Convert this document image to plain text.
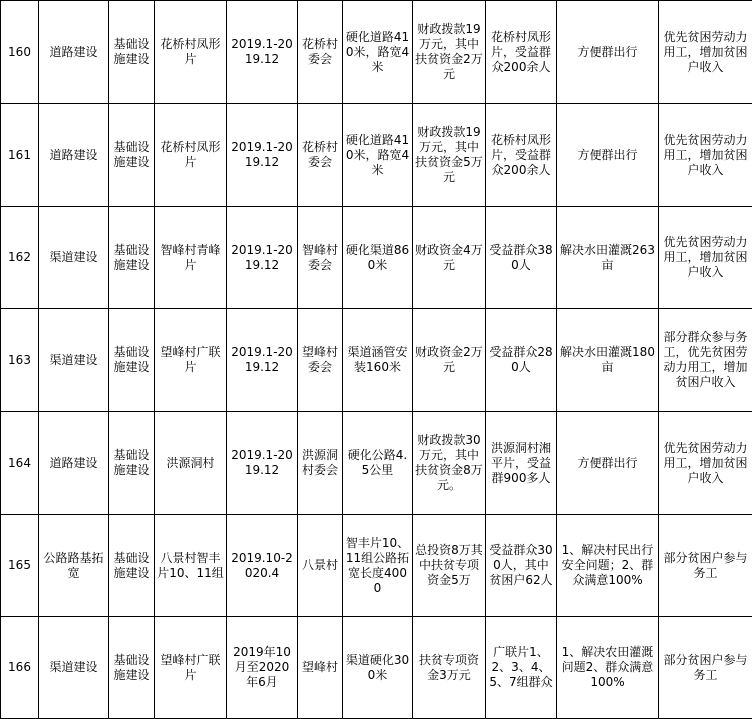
160	道路建设	基础设施建设	花桥村凤形片	2019.1-2019.12	花桥村委会	硬化道路410米，路宽4米	财政拨款19万元，其中扶贫资金2万元	花桥村凤形片，受益群众200余人	方便群出行	优先贫困劳动力用工，增加贫困户收入
161	道路建设	基础设施建设	花桥村凤形片	2019.1-2019.12	花桥村委会	硬化道路410米，路宽4米	财政拨款19万元，其中扶贫资金5万元	花桥村凤形片，受益群众200余人	方便群出行	优先贫困劳动力用工，增加贫困户收入
162	渠道建设	基础设施建设	智峰村青峰片	2019.1-2019.12	智峰村委会	硬化渠道860米	财政资金4万元	受益群众380人	解决水田灌溉263亩	优先贫困劳动力用工，增加贫困户收入
163	渠道建设	基础设施建设	望峰村广联片	2019.1-2019.12	望峰村委会	渠道涵管安装160米	财政资金2万元	受益群众280人	解决水田灌溉180亩	部分群众参与务工，优先贫困劳动力用工，增加贫困户收入
164	道路建设	基础设施建设	洪源洞村	2019.1-2019.12	洪源洞村委会	硬化公路4.5公里	财政拨款30万元，其中扶贫资金8万元。	洪源洞村湘平片，受益群900多人	方便群出行	优先贫困劳动力用工，增加贫困户收入
165	公路路基拓宽	基础设施建设	八景村智丰片10、11组	2019.10-2020.4	八景村	智丰片10、11组公路拓宽长度4000	总投资8万其中扶贫专项资金5万	受益群众300人，其中贫困户62人	1、解决村民出行安全问题；2、群众满意100%	部分贫困户参与务工
166	渠道建设	基础设施建设	望峰村广联片	2019年10月至2020年6月	望峰村	渠道硬化300米	扶贫专项资金3万元	广联片1、2、3、4、5、7组群众	1、解决农田灌溉问题2、群众满意100%	部分贫困户参与务工
